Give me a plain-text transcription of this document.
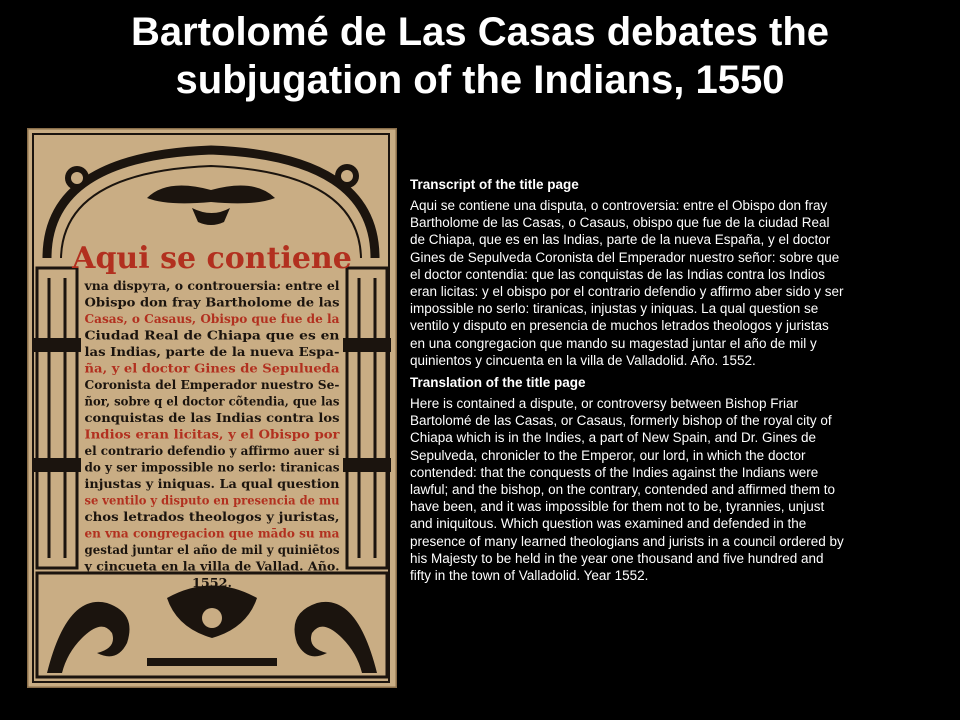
Bartolomé de Las Casas debates the
subjugation of the Indians, 1550
Aqui se contiene
vna dispута, o controuersia: entre el
Obispo don fray Bartholome de las
Casas, o Casaus, Obispo que fue de la
Ciudad Real de Chiapa que es en
las Indias, parte de la nueva Espa-
ña, y el doctor Gines de Sepulueda
Coronista del Emperador nuestro Se-
ñor, sobre q el doctor cõtendia, que las
conquistas de las Indias contra los
Indios eran licitas, y el Obispo por
el contrario defendio y affirmo auer si
do y ser impossible no serlo: tiranicas
injustas y iniquas. La qual question
se ventilo y disputo en presencia de mu
chos letrados theologos y juristas,
en vna congregacion que mādo su ma
gestad juntar el año de mil y quiniētos
y cincueta en la villa de Vallad. Año.
1552.
Transcript of the title page
Aqui se contiene una disputa, o controversia: entre el Obispo don fray
Bartholome de las Casas, o Casaus, obispo que fue de la ciudad Real
de Chiapa, que es en las Indias, parte de la nueva España, y el doctor
Gines de Sepulveda Coronista del Emperador nuestro señor: sobre que
el doctor contendia: que las conquistas de las Indias contra los Indios
eran licitas: y el obispo por el contrario defendio y affirmo aber sido y ser
impossible no serlo: tiranicas, injustas y iniquas. La qual question se
ventilo y disputo en presencia de muchos letrados theologos y juristas
en una congregacion que mando su magestad juntar el año de mil y
quinientos y cincuenta en la villa de Valladolid. Año. 1552.
Translation of the title page
Here is contained a dispute, or controversy between Bishop Friar
Bartolomé de las Casas, or Casaus, formerly bishop of the royal city of
Chiapa which is in the Indies, a part of New Spain, and Dr. Gines de
Sepulveda, chronicler to the Emperor, our lord, in which the doctor
contended: that the conquests of the Indies against the Indians were
lawful; and the bishop, on the contrary, contended and affirmed them to
have been, and it was impossible for them not to be, tyrannies, unjust
and iniquitous. Which question was examined and defended in the
presence of many learned theologians and jurists in a council ordered by
his Majesty to be held in the year one thousand and five hundred and
fifty in the town of Valladolid. Year 1552.
